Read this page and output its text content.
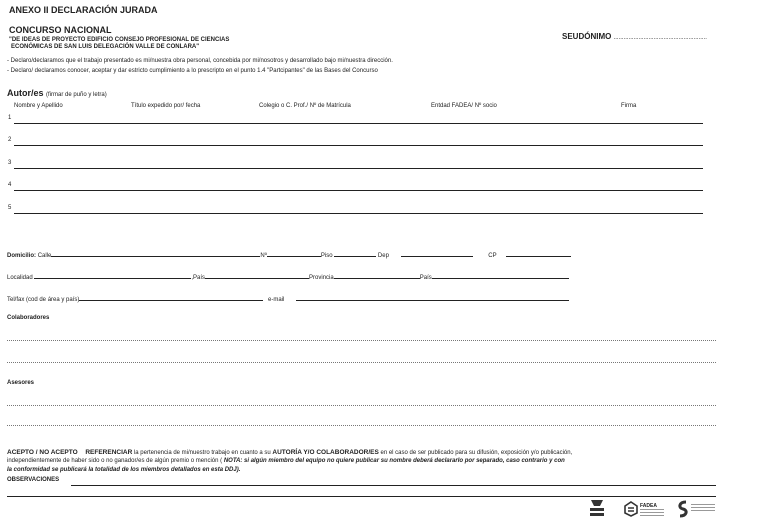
ANEXO II DECLARACIÓN JURADA
CONCURSO NACIONAL
"DE IDEAS DE PROYECTO EDIFICIO CONSEJO PROFESIONAL DE CIENCIAS
ECONÓMICAS DE SAN LUIS DELEGACIÓN VALLE DE CONLARA"
SEUDÓNIMO ........................................................
- Declaro/declaramos que el trabajo presentado es mi/nuestra obra personal, concebida por mi/nosotros y desarrollado bajo mi/nuestra dirección.
- Declaro/ declaramos conocer, aceptar y dar estricto cumplimiento a lo prescripto en el punto 1.4 "Partcipantes" de las Bases del Concurso
Autor/es (firmar de puño y letra)
Nombre y Apellido	Título expedido por/ fecha	Colegio o C. Prof./ Nº de Matrícula	Entdad FADEA/ Nº socio	Firma
1
2
3
4
5
Domicilio: Calle	Nº	Piso	Dep	CP
Localidad	,País	Provincia	País
Tel/fax (cod de área y país)	e-mail
Colaboradores
Asesores
ACEPTO / NO ACEPTO REFERENCIAR la pertenencia de mi/nuestro trabajo en cuanto a su AUTORÍA Y/O COLABORADOR/ES en el caso de ser publicado para su difusión, exposición y/o publicación,
independientemente de haber sido o no ganador/es de algún premio o mención ( NOTA: si algún miembro del equipo no quiere publicar su nombre deberá declararlo por separado, caso contrario y con
la conformidad se publicará la totalidad de los miembros detallados en esta DDJ).
OBSERVACIONES
FADEA
